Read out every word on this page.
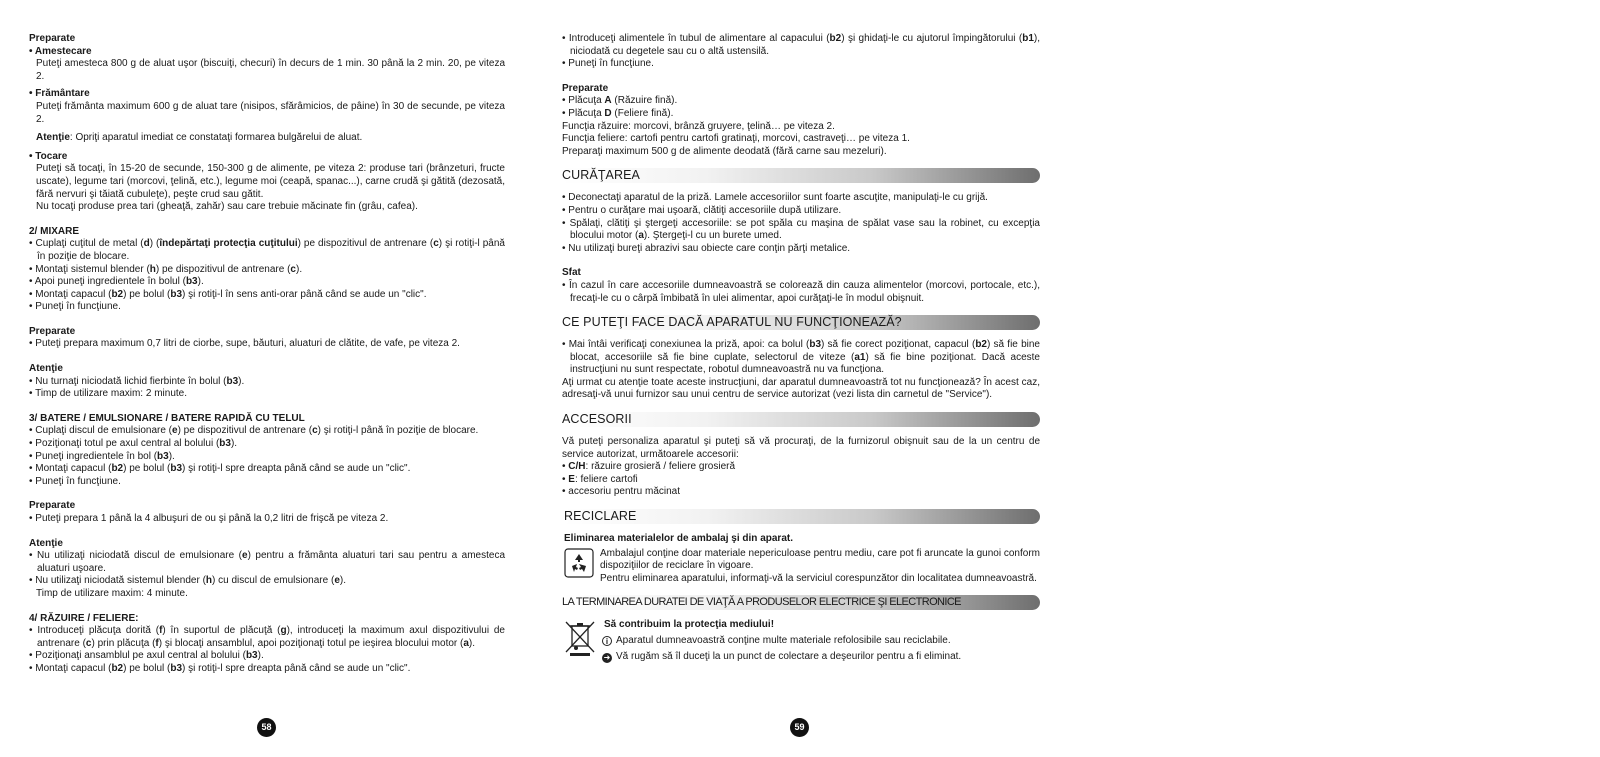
Preparate

• Amestecare

Puteţi amesteca 800 g de aluat uşor (biscuiţi, checuri) în decurs de 1 min. 30 până la 2 min. 20, pe viteza 2.

• Frământare

Puteţi frământa maximum 600 g de aluat tare (nisipos, sfărâmicios, de pâine) în 30 de secunde, pe viteza 2.

Atenţie: Opriţi aparatul imediat ce constataţi formarea bulgărelui de aluat.

• Tocare

Puteţi să tocaţi, în 15-20 de secunde, 150-300 g de alimente, pe viteza 2: produse tari (brânzeturi, fructe uscate), legume tari (morcovi, ţelină, etc.), legume moi (ceapă, spanac...), carne crudă şi gătită (dezosată, fără nervuri şi tăiată cubuleţe), peşte crud sau gătit.

Nu tocaţi produse prea tari (gheaţă, zahăr) sau care trebuie măcinate fin (grâu, cafea).

2/ MIXARE

• Cuplaţi cuţitul de metal (d) (îndepărtaţi protecţia cuţitului) pe dispozitivul de antrenare (c) şi rotiţi-l până în poziţie de blocare.

• Montaţi sistemul blender (h) pe dispozitivul de antrenare (c).

• Apoi puneţi ingredientele în bolul (b3).

• Montaţi capacul (b2) pe bolul (b3) şi rotiţi-l în sens anti-orar până când se aude un "clic".

• Puneţi în funcţiune.

Preparate

• Puteţi prepara maximum 0,7 litri de ciorbe, supe, băuturi, aluaturi de clătite, de vafe, pe viteza 2.

Atenţie

• Nu turnaţi niciodată lichid fierbinte în bolul (b3).

• Timp de utilizare maxim: 2 minute.

3/ BATERE / EMULSIONARE / BATERE RAPIDĂ CU TELUL

• Cuplaţi discul de emulsionare (e) pe dispozitivul de antrenare (c) şi rotiţi-l până în poziţie de blocare.

• Poziţionaţi totul pe axul central al bolului (b3).

• Puneţi ingredientele în bol (b3).

• Montaţi capacul (b2) pe bolul (b3) şi rotiţi-l spre dreapta până când se aude un "clic".

• Puneţi în funcţiune.

Preparate

• Puteţi prepara 1 până la 4 albuşuri de ou şi până la 0,2 litri de frişcă pe viteza 2.

Atenţie

• Nu utilizaţi niciodată discul de emulsionare (e) pentru a frământa aluaturi tari sau pentru a amesteca aluaturi uşoare.

• Nu utilizaţi niciodată sistemul blender (h) cu discul de emulsionare (e).

Timp de utilizare maxim: 4 minute.

4/ RĂZUIRE / FELIERE:

• Introduceţi plăcuţa dorită (f) în suportul de plăcuţă (g), introduceţi la maximum axul dispozitivului de antrenare (c) prin plăcuţa (f) şi blocaţi ansamblul, apoi poziţionaţi totul pe ieşirea blocului motor (a).

• Poziţionaţi ansamblul pe axul central al bolului (b3).

• Montaţi capacul (b2) pe bolul (b3) şi rotiţi-l spre dreapta până când se aude un "clic".

58

• Introduceţi alimentele în tubul de alimentare al capacului (b2) şi ghidaţi-le cu ajutorul împingătorului (b1), niciodată cu degetele sau cu o altă ustensilă.

• Puneţi în funcţiune.

Preparate

• Plăcuţa A (Răzuire fină).

• Plăcuţa D (Feliere fină).

Funcţia răzuire: morcovi, brânză gruyere, ţelină… pe viteza 2.

Funcţia feliere: cartofi pentru cartofi gratinaţi, morcovi, castraveţi… pe viteza 1.

Preparaţi maximum 500 g de alimente deodată (fără carne sau mezeluri).

CURĂŢAREA

• Deconectaţi aparatul de la priză. Lamele accesoriilor sunt foarte ascuţite, manipulaţi-le cu grijă.

• Pentru o curăţare mai uşoară, clătiţi accesoriile după utilizare.

• Spălaţi, clătiţi şi ştergeţi accesoriile: se pot spăla cu maşina de spălat vase sau la robinet, cu excepţia blocului motor (a). Ştergeţi-l cu un burete umed.

• Nu utilizaţi bureţi abrazivi sau obiecte care conţin părţi metalice.

Sfat

• În cazul în care accesoriile dumneavoastră se colorează din cauza alimentelor (morcovi, portocale, etc.), frecaţi-le cu o cârpă îmbibată în ulei alimentar, apoi curăţaţi-le în modul obişnuit.

CE PUTEŢI FACE DACĂ APARATUL NU FUNCŢIONEAZĂ?

• Mai întâi verificaţi conexiunea la priză, apoi: ca bolul (b3) să fie corect poziţionat, capacul (b2) să fie bine blocat, accesoriile să fie bine cuplate, selectorul de viteze (a1) să fie bine poziţionat. Dacă aceste instrucţiuni nu sunt respectate, robotul dumneavoastră nu va funcţiona.

Aţi urmat cu atenţie toate aceste instrucţiuni, dar aparatul dumneavoastră tot nu funcţionează? În acest caz, adresaţi-vă unui furnizor sau unui centru de service autorizat (vezi lista din carnetul de "Service").

ACCESORII

Vă puteţi personaliza aparatul şi puteţi să vă procuraţi, de la furnizorul obişnuit sau de la un centru de service autorizat, următoarele accesorii:

• C/H: răzuire grosieră / feliere grosieră

• E: feliere cartofi

• accesoriu pentru măcinat

RECICLARE

Eliminarea materialelor de ambalaj şi din aparat.

Ambalajul conţine doar materiale nepericuloase pentru mediu, care pot fi aruncate la gunoi conform dispoziţiilor de reciclare în vigoare.

Pentru eliminarea aparatului, informaţi-vă la serviciul corespunzător din localitatea dumneavoastră.

LA TERMINAREA DURATEI DE VIAŢĂ A PRODUSELOR ELECTRICE ŞI ELECTRONICE

Să contribuim la protecţia mediului!

i Aparatul dumneavoastră conţine multe materiale refolosibile sau reciclabile.

➜ Vă rugăm să îl duceţi la un punct de colectare a deşeurilor pentru a fi eliminat.

59
